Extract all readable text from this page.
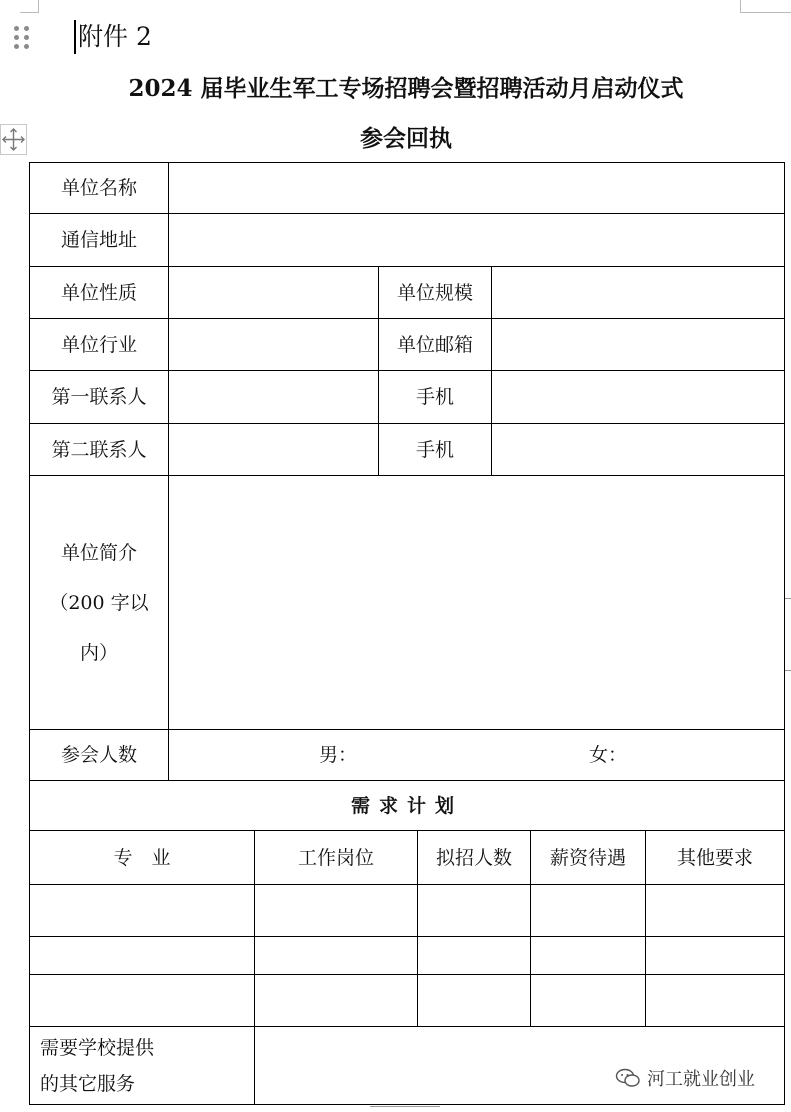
附件 2
2024 届毕业生军工专场招聘会暨招聘活动月启动仪式
参会回执
单位名称							
通信地址							
单位性质			单位规模				
单位行业			单位邮箱				
第一联系人			手机				
第二联系人			手机				

单位简介
（200 字以
内）							

参会人数	男： 女：						

需求计划							
专　业		工作岗位		拟招人数		薪资待遇	其他要求

需要学校提供
的其它服务							
		河工就业创业
